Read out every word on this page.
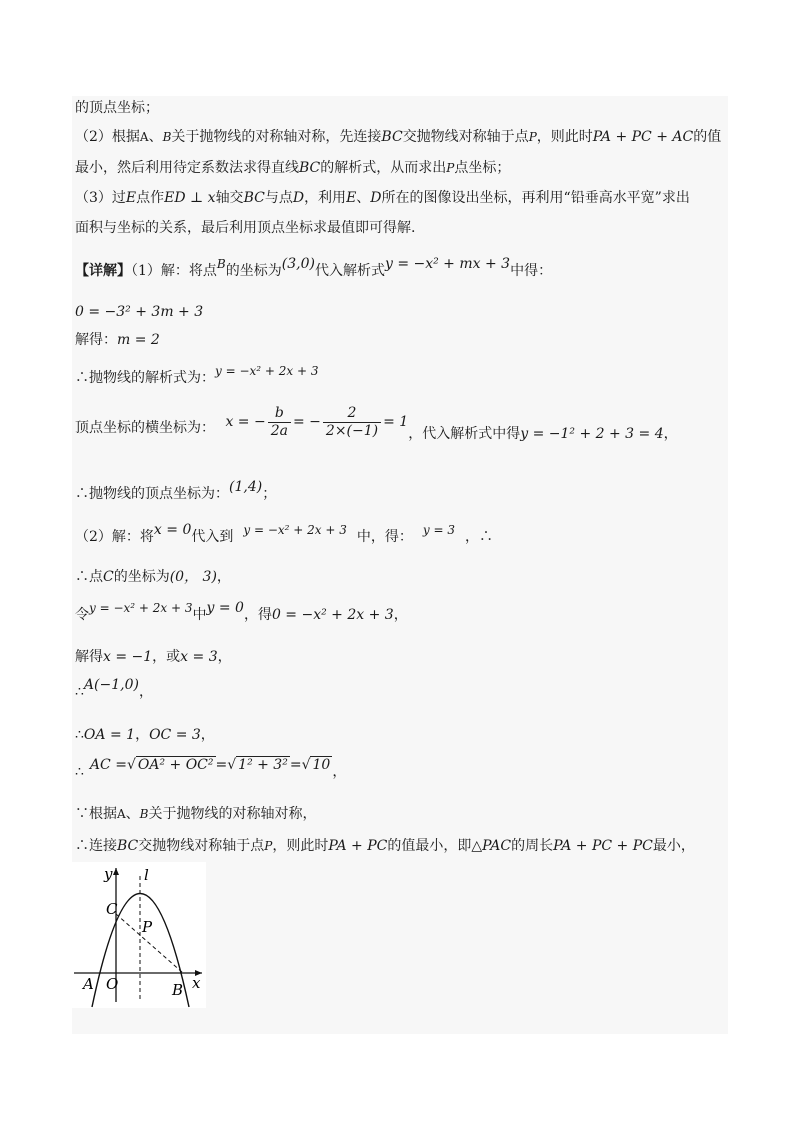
的顶点坐标；
（2）根据A、B关于抛物线的对称轴对称，先连接BC交抛物线对称轴于点P，则此时PA + PC + AC的值
最小，然后利用待定系数法求得直线BC的解析式，从而求出P点坐标；
（3）过E点作ED ⊥ x轴交BC与点D，利用E、D所在的图像设出坐标，再利用“铅垂高水平宽”求出
面积与坐标的关系，最后利用顶点坐标求最值即可得解.
【详解】（1）解：将点B的坐标为(3,0)代入解析式y = −x² + mx + 3中得：
0 = −3² + 3m + 3
解得：m = 2
∴抛物线的解析式为：y = −x² + 2x + 3
顶点坐标的横坐标为： x = − $\frac{b}{2a}$ = − $\frac{2}{2\times(-1)} = 1$，代入解析式中得y = −1² + 2 + 3 = 4，
∴抛物线的顶点坐标为：(1,4)；
（2）解：将x = 0代入到 y = −x² + 2x + 3 中，得： y = 3 ，∴
∴点C的坐标为(0， 3)，
令y = −x² + 2x + 3中y = 0，得0 = −x² + 2x + 3，
解得x = −1，或x = 3，
∴A(−1,0)，
∴OA = 1，OC = 3，
∴ AC =√ OA² + OC² =√ 1² + 3² =√ 10 ，
∵根据A、B关于抛物线的对称轴对称，
∴连接BC交抛物线对称轴于点P，则此时PA + PC的值最小，即△PAC的周长PA + PC + PC最小，
y
x
l
C
P
A O	B
